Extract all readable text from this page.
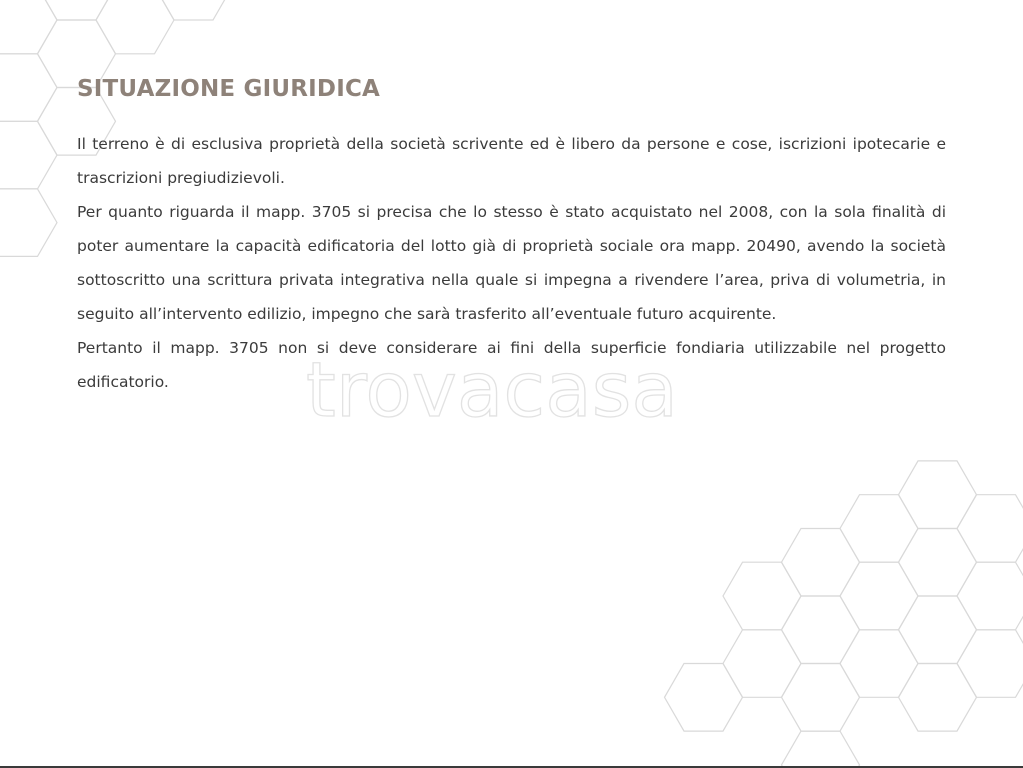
trovacasa
SITUAZIONE GIURIDICA

Il terreno è di esclusiva proprietà della società scrivente ed è libero da persone e cose, iscrizioni ipotecarie e trascrizioni pregiudizievoli.

Per quanto riguarda il mapp. 3705 si precisa che lo stesso è stato acquistato nel 2008, con la sola finalità di poter aumentare la capacità edificatoria del lotto già di proprietà sociale ora mapp. 20490, avendo la società sottoscritto una scrittura privata integrativa nella quale si impegna a rivendere l’area, priva di volumetria, in seguito all’intervento edilizio, impegno che sarà trasferito all’eventuale futuro acquirente.

Pertanto il mapp. 3705 non si deve considerare ai fini della superficie fondiaria utilizzabile nel progetto edificatorio.
